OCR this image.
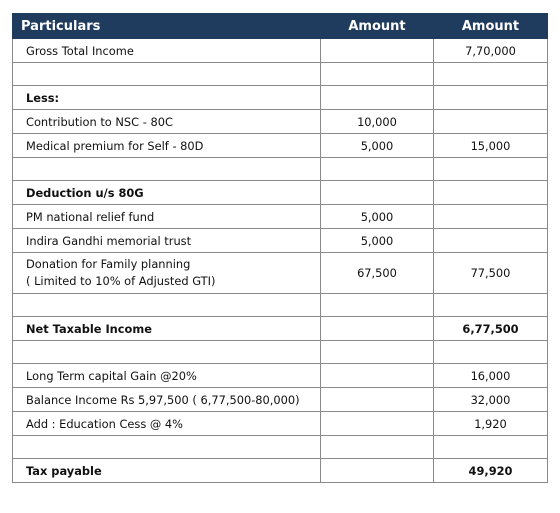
Particulars	Amount	Amount
Gross Total Income		7,70,000

Less:		
Contribution to NSC - 80C	10,000	
Medical premium for Self - 80D	5,000	15,000

Deduction u/s 80G		
PM national relief fund	5,000	
Indira Gandhi memorial trust	5,000	
Donation for Family planning
( Limited to 10% of Adjusted GTI)	67,500	77,500

Net Taxable Income		6,77,500

Long Term capital Gain @20%		16,000
Balance Income Rs 5,97,500 ( 6,77,500-80,000)		32,000
Add : Education Cess @ 4%		1,920

Tax payable		49,920
